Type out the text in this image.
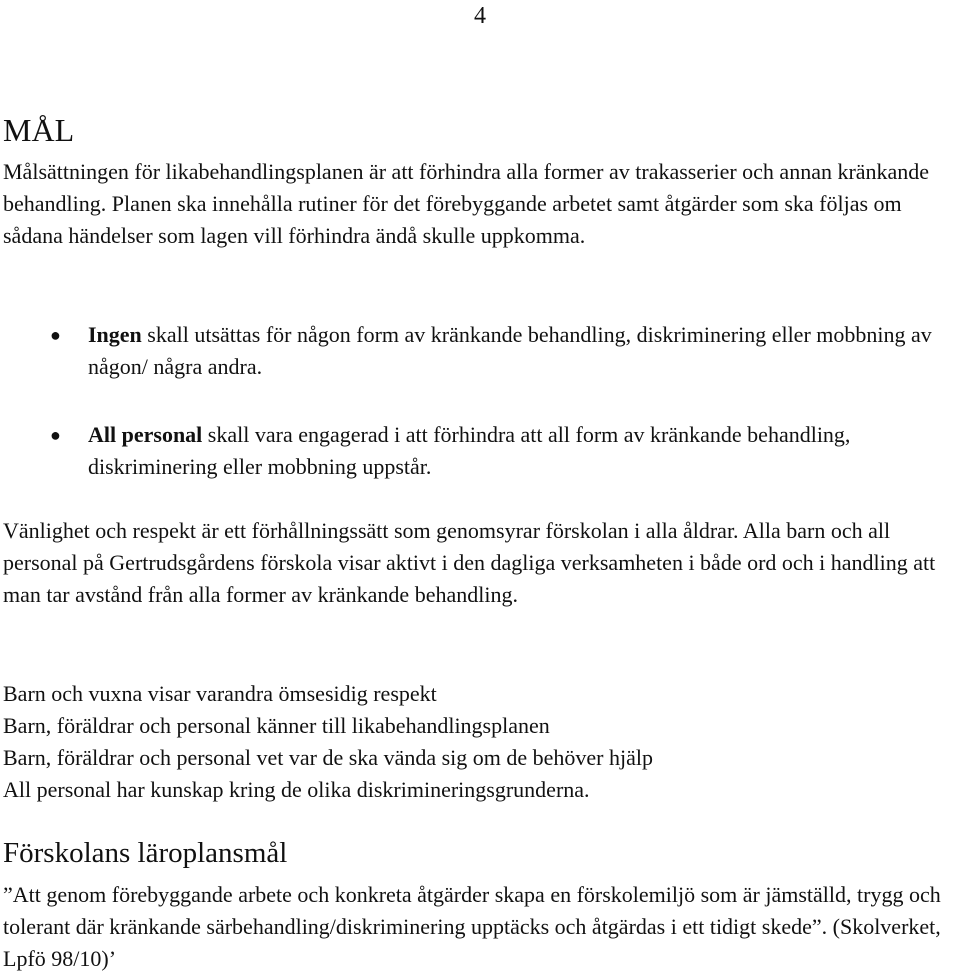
4
MÅL

Målsättningen för likabehandlingsplanen är att förhindra alla former av trakasserier och annan kränkande behandling. Planen ska innehålla rutiner för det förebyggande arbetet samt åtgärder som ska följas om sådana händelser som lagen vill förhindra ändå skulle uppkomma.

● Ingen skall utsättas för någon form av kränkande behandling, diskriminering eller mobbning av någon/ några andra.

● All personal skall vara engagerad i att förhindra att all form av kränkande behandling, diskriminering eller mobbning uppstår.

Vänlighet och respekt är ett förhållningssätt som genomsyrar förskolan i alla åldrar. Alla barn och all personal på Gertrudsgårdens förskola visar aktivt i den dagliga verksamheten i både ord och i handling att man tar avstånd från alla former av kränkande behandling.

Barn och vuxna visar varandra ömsesidig respekt
Barn, föräldrar och personal känner till likabehandlingsplanen
Barn, föräldrar och personal vet var de ska vända sig om de behöver hjälp
All personal har kunskap kring de olika diskrimineringsgrunderna.
Förskolans läroplansmål

”Att genom förebyggande arbete och konkreta åtgärder skapa en förskolemiljö som är jämställd, trygg och tolerant där kränkande särbehandling/diskriminering upptäcks och åtgärdas i ett tidigt skede”. (Skolverket, Lpfö 98/10)’
